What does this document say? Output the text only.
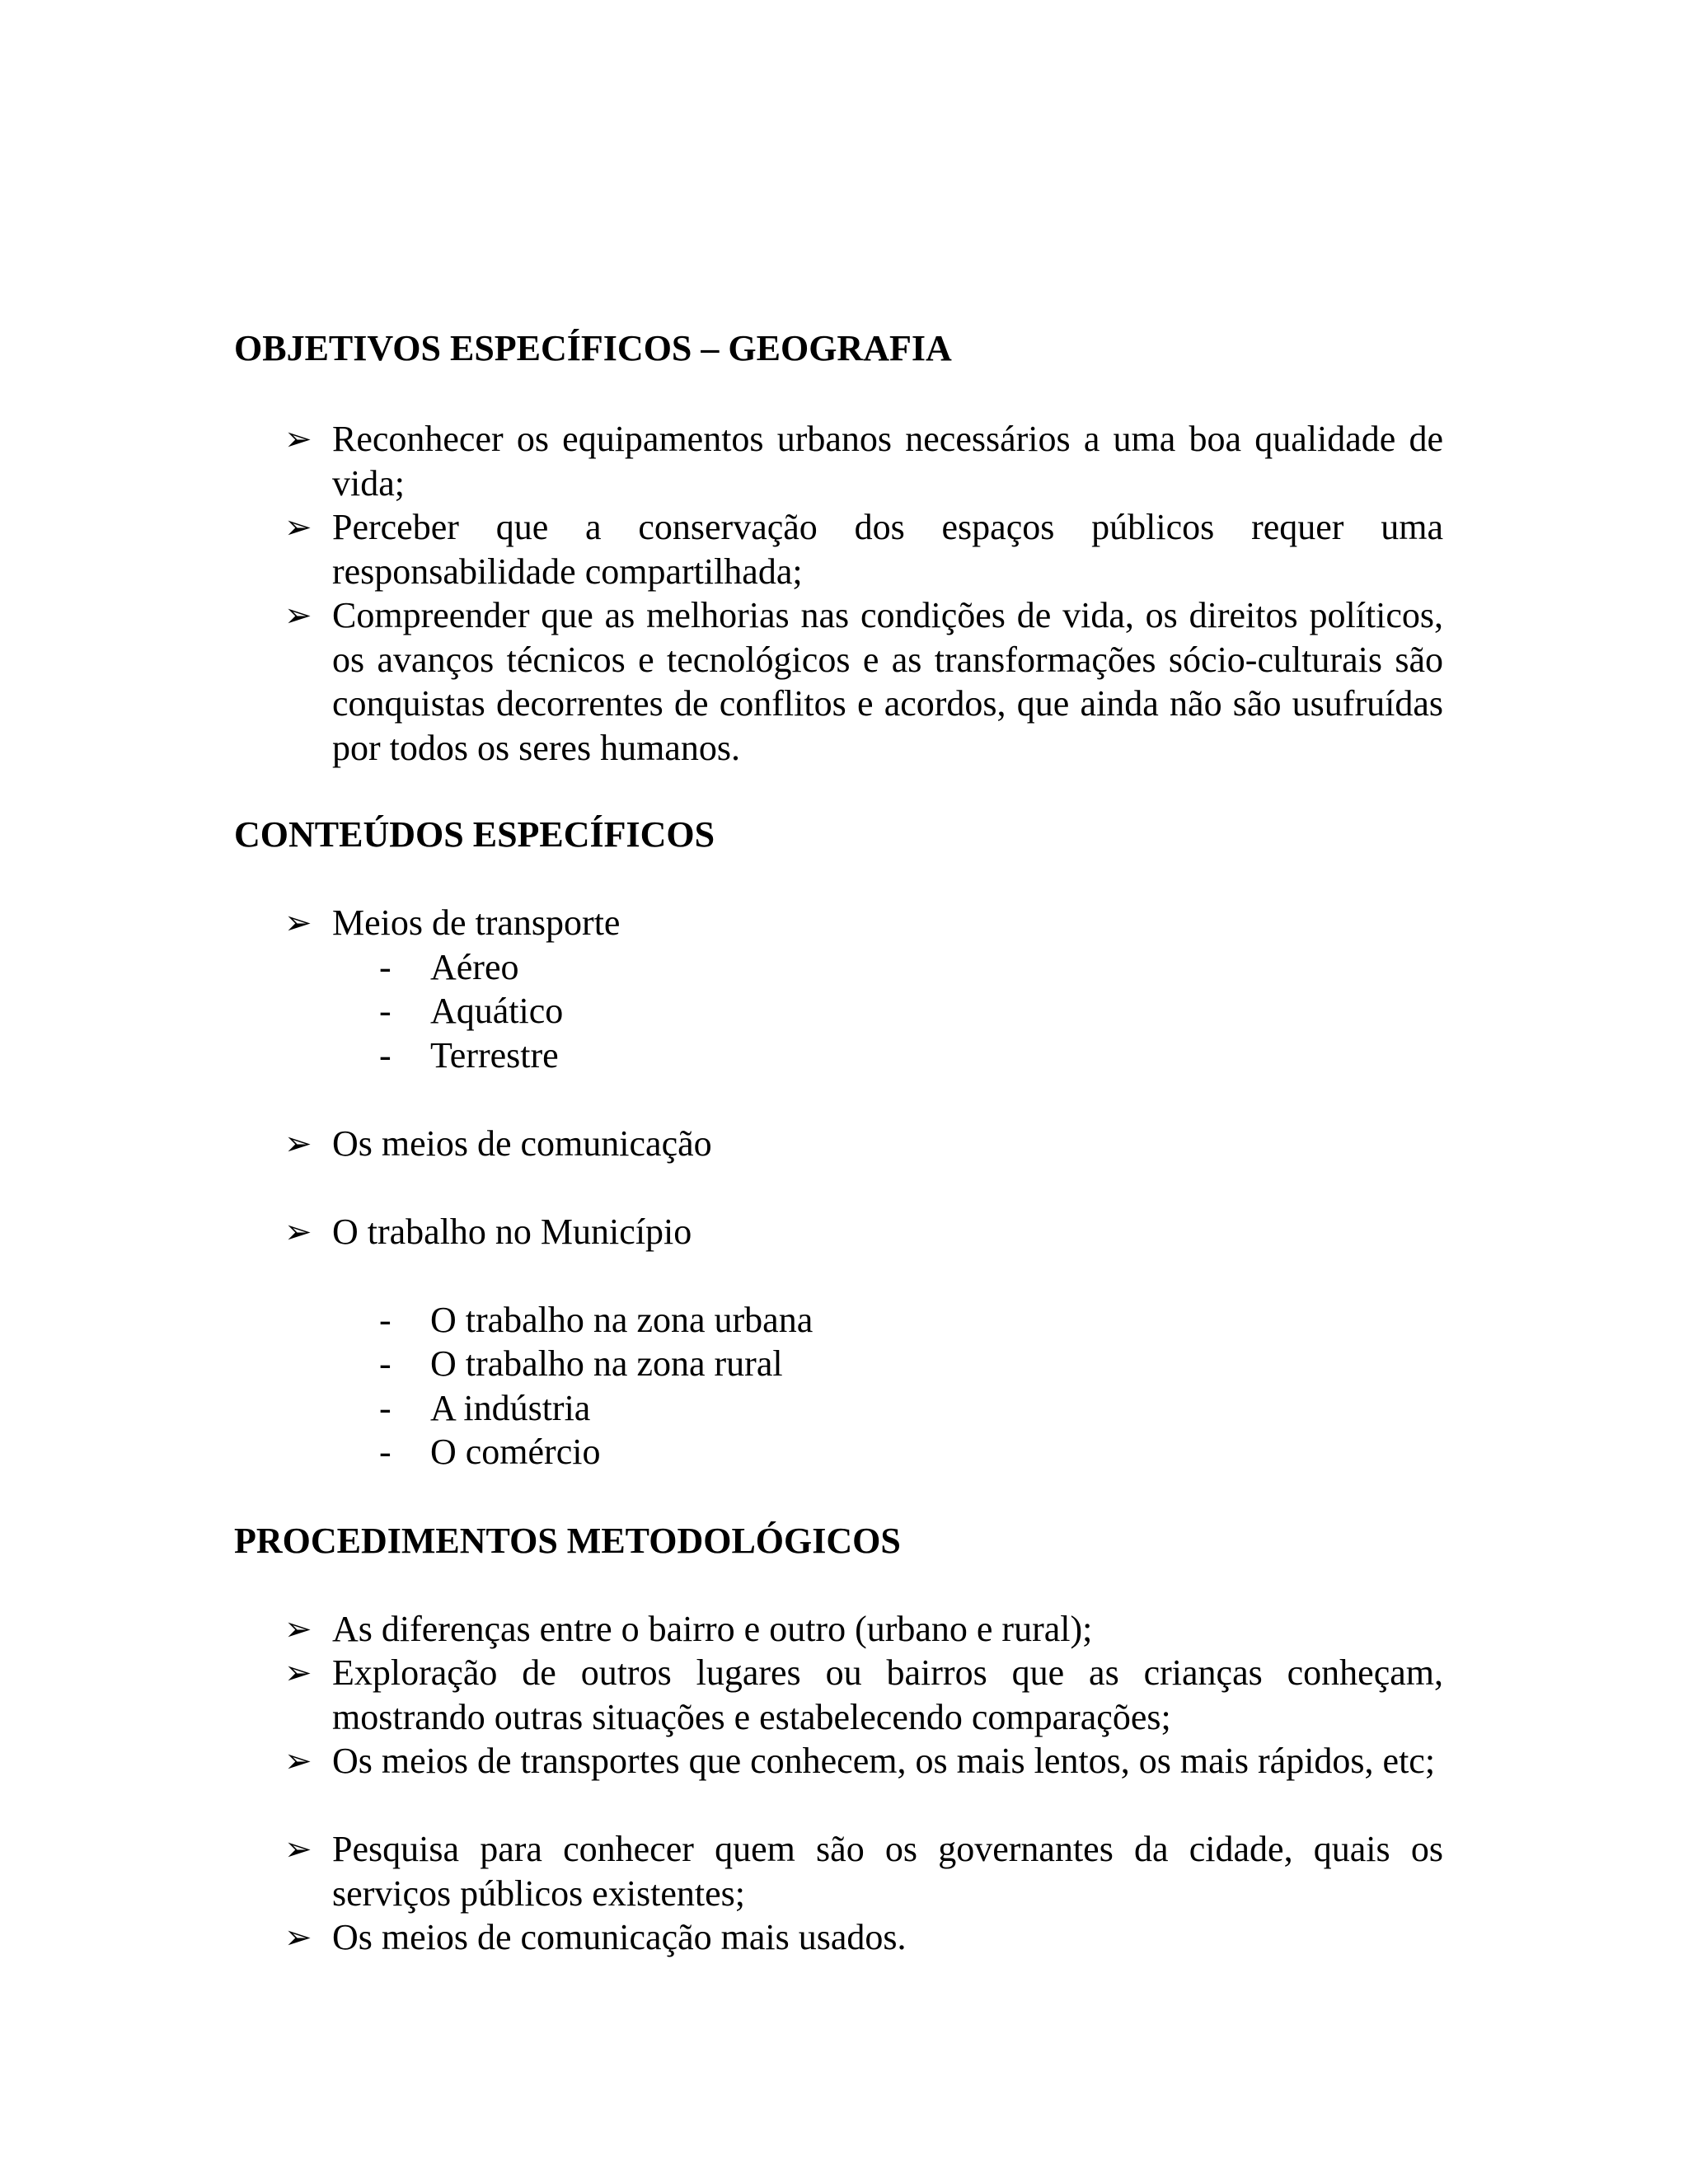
OBJETIVOS ESPECÍFICOS – GEOGRAFIA
➢ Reconhecer os equipamentos urbanos necessários a uma boa qualidade de vida;
➢ Perceber que a conservação dos espaços públicos requer uma responsabilidade compartilhada;
➢ Compreender que as melhorias nas condições de vida, os direitos políticos, os avanços técnicos e tecnológicos e as transformações sócio-culturais são conquistas decorrentes de conflitos e acordos, que ainda não são usufruídas por todos os seres humanos.
CONTEÚDOS ESPECÍFICOS
➢ Meios de transporte
- Aéreo
- Aquático
- Terrestre
➢ Os meios de comunicação
➢ O trabalho no Município
- O trabalho na zona urbana
- O trabalho na zona rural
- A indústria
- O comércio
PROCEDIMENTOS METODOLÓGICOS
➢ As diferenças entre o bairro e outro (urbano e rural);
➢ Exploração de outros lugares ou bairros que as crianças conheçam, mostrando outras situações e estabelecendo comparações;
➢ Os meios de transportes que conhecem, os mais lentos, os mais rápidos, etc;
➢ Pesquisa para conhecer quem são os governantes da cidade, quais os serviços públicos existentes;
➢ Os meios de comunicação mais usados.
